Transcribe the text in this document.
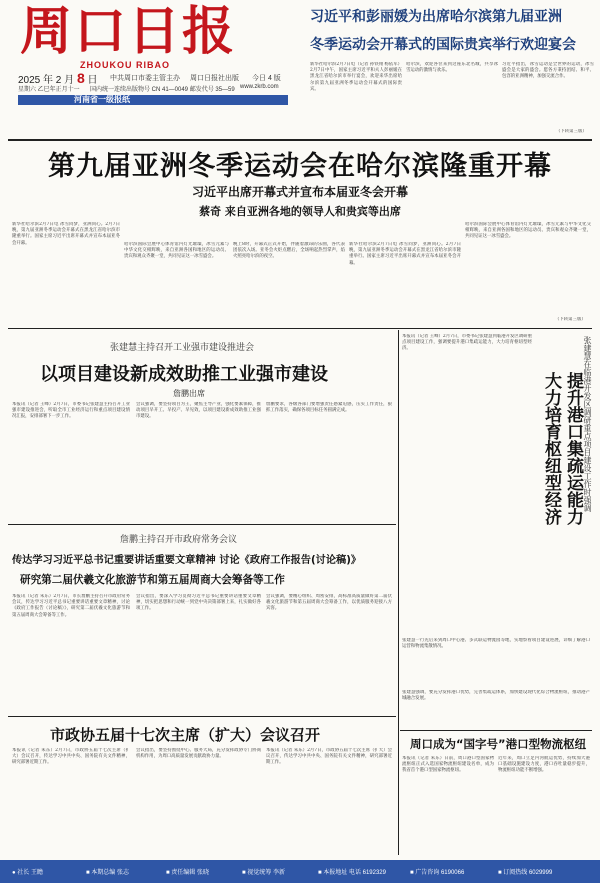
周口日报
ZHOUKOU RIBAO
2025 年 2 月 8 日 中共周口市委主管主办 周口日报社出版 今日 4 版
星期六 乙巳年正月十一 国内统一连续出版物号 CN 41—0049 邮发代号 35—59 www.zkrb.com
河南省一级报纸
习近平和彭丽媛为出席哈尔滨第九届亚洲
冬季运动会开幕式的国际贵宾举行欢迎宴会
新华社哈尔滨2月7日电（记者 孙铁翔 杨依军）2月7日中午，国家主席习近平和夫人彭丽媛在黑龙江省哈尔滨市举行宴会，欢迎来华出席哈尔滨第九届亚洲冬季运动会开幕式的国际贵宾。
哈尔滨，欢迎各位来到这座东北名城，共享冰雪运动的激情与欢乐。
习近平指出，冰雪运动是全世界的运动，冰雪盛会是大家的盛会。愿各方秉持团结、和平、包容的亚洲精神，加强交流合作。
（下转第三版）
第九届亚洲冬季运动会在哈尔滨隆重开幕
习近平出席开幕式并宣布本届亚冬会开幕
蔡奇 来自亚洲各地的领导人和贵宾等出席
新华社哈尔滨2月7日电 冰雪同梦，亚洲同心。2月7日晚，第九届亚洲冬季运动会开幕式在黑龙江省哈尔滨市隆重举行。国家主席习近平出席开幕式并宣布本届亚冬会开幕。	哈尔滨国际会展中心体育馆内灯光璀璨，冰雪元素与中华文化交相辉映，来自亚洲各国和地区的运动员、贵宾和观众齐聚一堂，共同见证这一冰雪盛会。
晚上8时，开幕式正式开始，伴随着激昂的乐曲，各代表团依次入场。亚冬会火炬点燃后，全场响起热烈掌声，焰火照亮哈尔滨的夜空。
新华社哈尔滨2月7日电 冰雪同梦，亚洲同心。2月7日晚，第九届亚洲冬季运动会开幕式在黑龙江省哈尔滨市隆重举行。国家主席习近平出席开幕式并宣布本届亚冬会开幕。
哈尔滨国际会展中心体育馆内灯光璀璨，冰雪元素与中华文化交相辉映，来自亚洲各国和地区的运动员、贵宾和观众齐聚一堂，共同见证这一冰雪盛会。
（下转第三版）
张建慧主持召开工业强市建设推进会
以项目建设新成效助推工业强市建设
詹鹏出席
本报讯（记者 王峰）2月7日，市委书记张建慧主持召开工业强市建设推进会，听取全市工业经济运行和重点项目建设情况汇报，安排部署下一步工作。
会议强调，要坚持项目为王，聚焦主导产业，强化要素保障，推动项目早开工、早投产、早见效，以项目建设新成效助推工业强市建设。
詹鹏要求，各级各部门要增强责任感紧迫感，压实工作责任，狠抓工作落实，确保各项目标任务圆满完成。
詹鹏主持召开市政府常务会议
传达学习习近平总书记重要讲话重要文章精神 讨论《政府工作报告(讨论稿)》
研究第二届伏羲文化旅游节和第五届周商大会筹备等工作
本报讯（记者 朱东）2月7日，市长詹鹏主持召开市政府常务会议，传达学习习近平总书记重要讲话重要文章精神，讨论《政府工作报告（讨论稿）》，研究第二届伏羲文化旅游节和第五届周商大会筹备等工作。
会议指出，要深入学习贯彻习近平总书记重要讲话重要文章精神，切实把思想和行动统一到党中央决策部署上来，扎实做好各项工作。
会议强调，要精心组织、周密安排，高标准高质量做好第二届伏羲文化旅游节和第五届周商大会筹备工作，以优质服务迎接八方宾客。
市政协五届十七次主席（扩大）会议召开
本报讯（记者 朱东）2月7日，市政协五届十七次主席（扩大）会议召开，传达学习中共中央、国务院有关文件精神，研究部署近期工作。
会议指出，要坚持围绕中心、服务大局，充分发挥政协专门协商机构作用，为周口高质量发展贡献政协力量。
本报讯（记者 朱东）2月7日，市政协五届十七次主席（扩大）会议召开，传达学习中共中央、国务院有关文件精神，研究部署近期工作。
本报讯（记者 王峰）2月7日，市委书记张建慧到临港开发区调研重点项目建设工作，强调要提升港口集疏运能力，大力培育枢纽型经济。
提升港口集疏运能力
大力培育枢纽型经济	张建慧在临港开发区调研重点项目建设工作时强调
张建慧一行先后来到周口中心港、多式联运物流园等地，实地察看项目建设进展，详细了解港口运营和物流集散情况。
张建慧强调，要充分发挥港口优势，完善集疏运体系，加快建设现代化综合物流枢纽，推动港产城融合发展。
周口成为“国字号”港口型物流枢纽
本报讯（记者 朱东）日前，周口港口型国家物流枢纽正式入选国家物流枢纽建设名单，成为我省首个港口型国家物流枢纽。
近年来，周口立足内河航运优势，持续加大港口基础设施建设力度，港口吞吐量稳步提升，物流枢纽功能不断增强。
● 社长 王瞻	■ 本期总编 张志	■ 责任编辑 张晓	■ 视觉统筹 李新	■ 本报地址 电话 6192329	■ 广告咨询 6190066	■ 订阅热线 6029999
